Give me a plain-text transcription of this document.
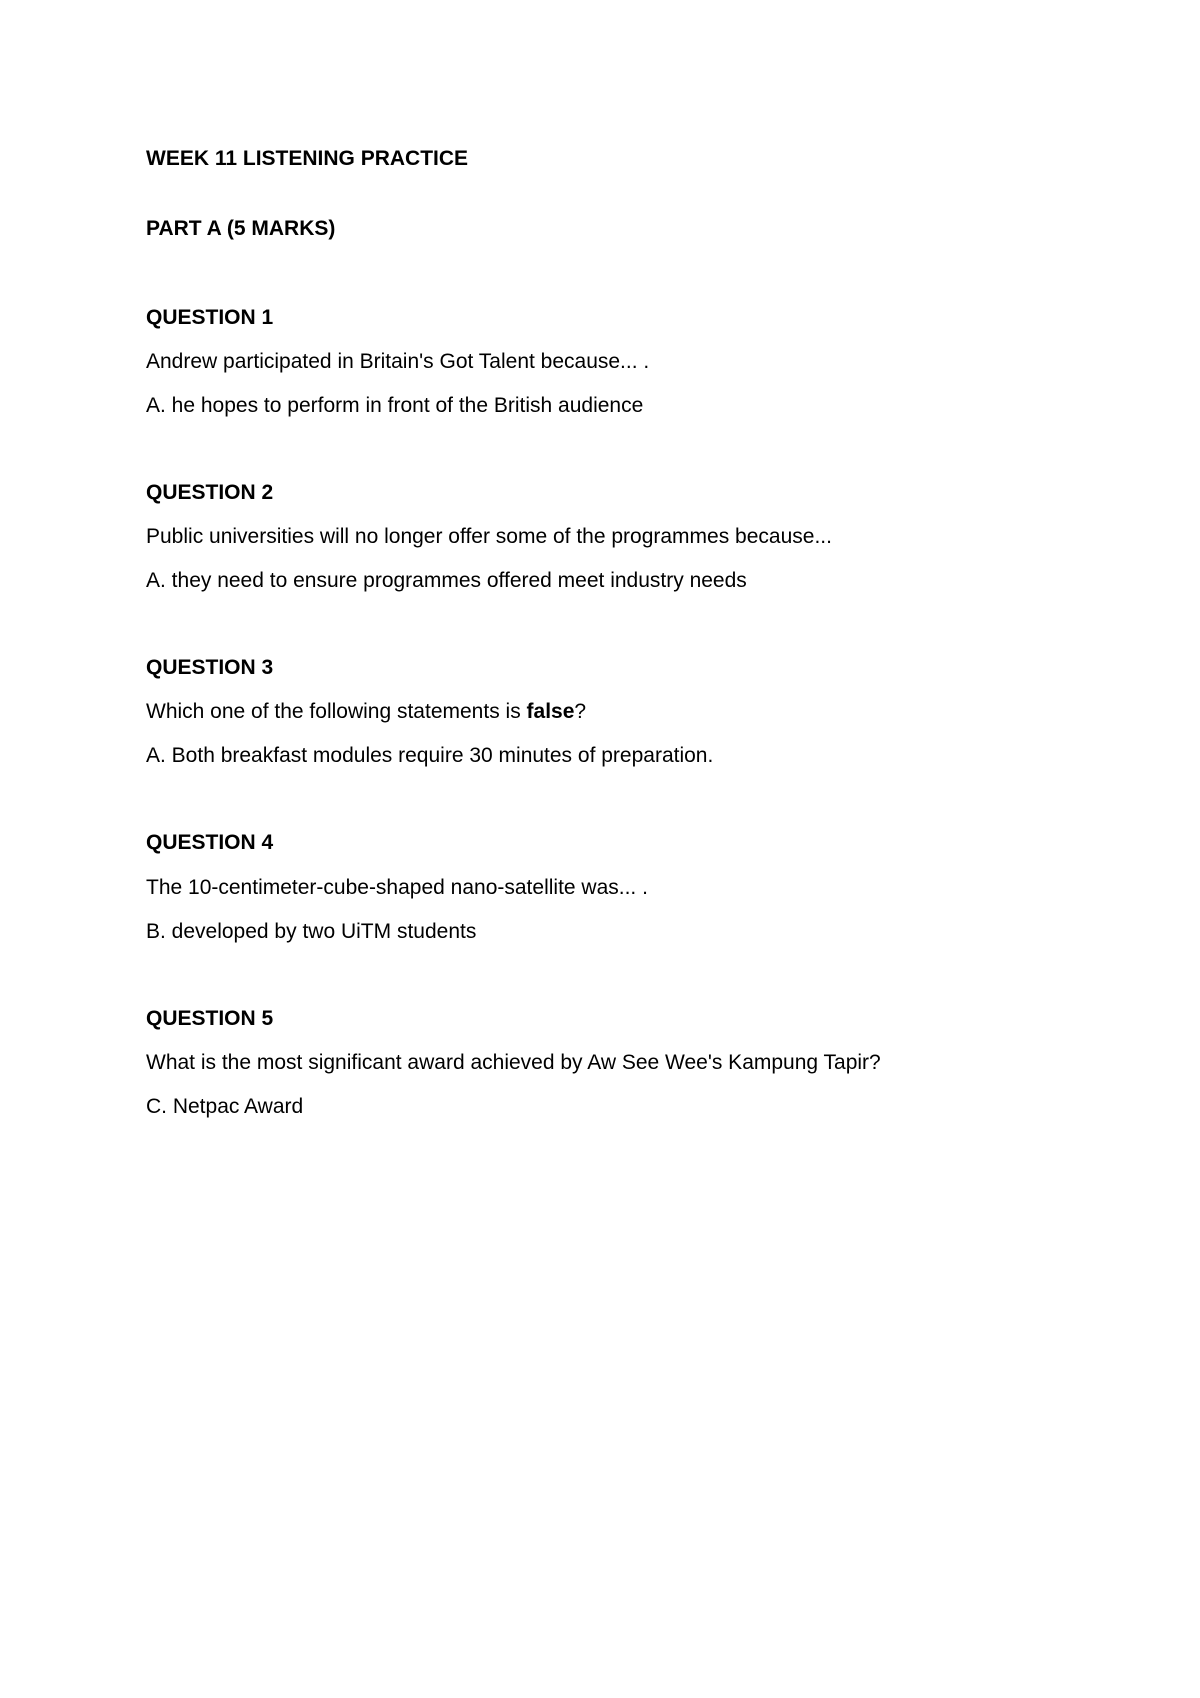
WEEK 11 LISTENING PRACTICE
PART A (5 MARKS)
QUESTION 1
Andrew participated in Britain's Got Talent because... .
A. he hopes to perform in front of the British audience
QUESTION 2
Public universities will no longer offer some of the programmes because...
A. they need to ensure programmes offered meet industry needs
QUESTION 3
Which one of the following statements is false?
A. Both breakfast modules require 30 minutes of preparation.
QUESTION 4
The 10-centimeter-cube-shaped nano-satellite was... .
B. developed by two UiTM students
QUESTION 5
What is the most significant award achieved by Aw See Wee's Kampung Tapir?
C. Netpac Award
